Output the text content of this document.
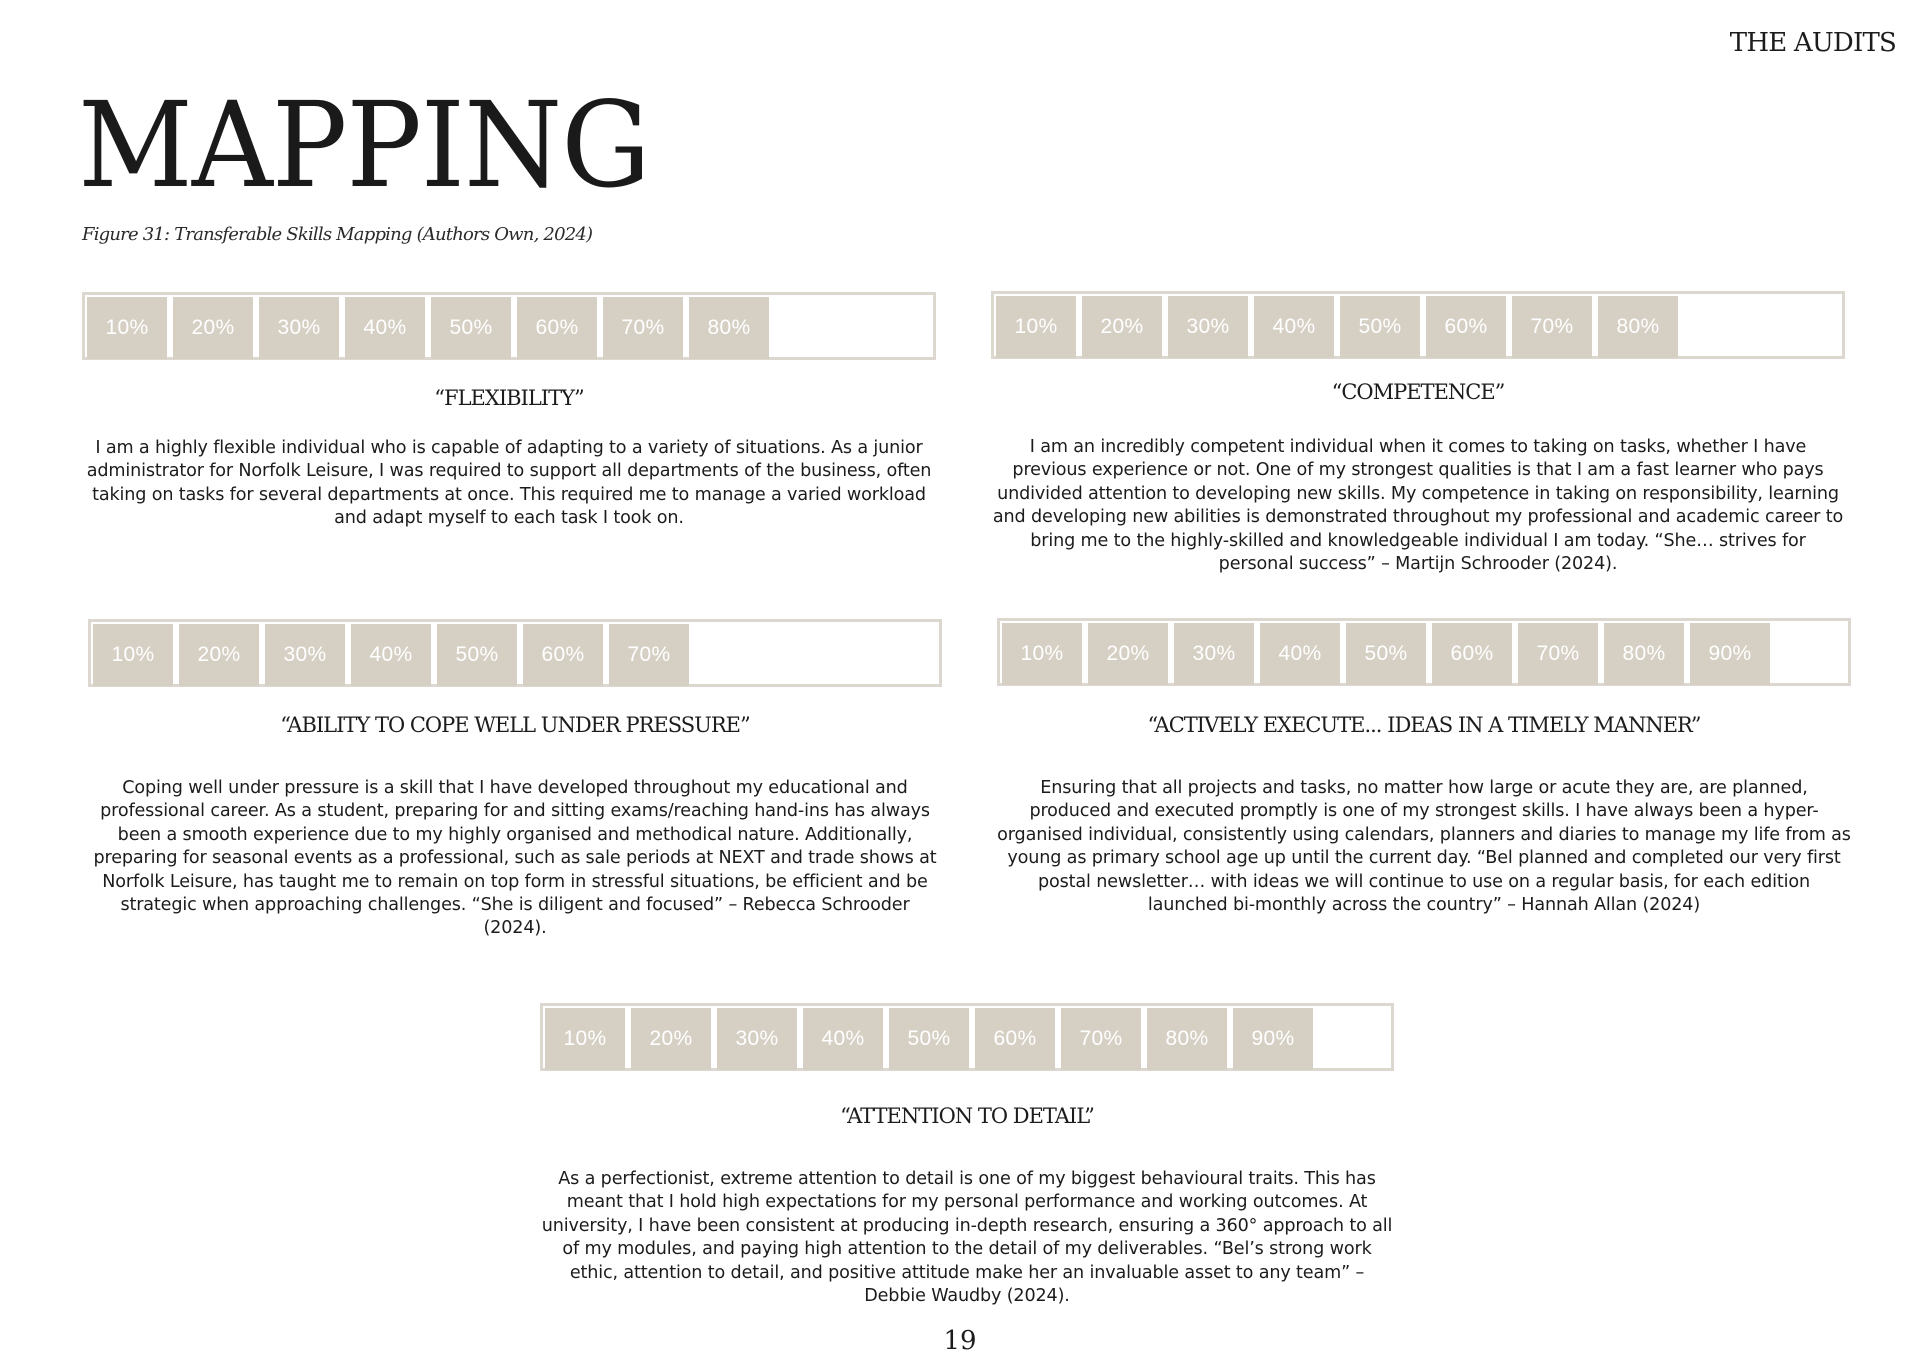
THE AUDITS
MAPPING
Figure 31: Transferable Skills Mapping (Authors Own, 2024)
10%	20%	30%	40%	50%	60%	70%	80%
“FLEXIBILITY”

I am a highly flexible individual who is capable of adapting to a variety of situations. As a junior administrator for Norfolk Leisure, I was required to support all departments of the business, often taking on tasks for several departments at once. This required me to manage a varied workload and adapt myself to each task I took on.

10%	20%	30%	40%	50%	60%	70%	80%
“COMPETENCE”

I am an incredibly competent individual when it comes to taking on tasks, whether I have previous experience or not. One of my strongest qualities is that I am a fast learner who pays undivided attention to developing new skills. My competence in taking on responsibility, learning and developing new abilities is demonstrated throughout my professional and academic career to bring me to the highly-skilled and knowledgeable individual I am today. “She… strives for personal success” – Martijn Schrooder (2024).

10%	20%	30%	40%	50%	60%	70%
“ABILITY TO COPE WELL UNDER PRESSURE”

Coping well under pressure is a skill that I have developed throughout my educational and professional career. As a student, preparing for and sitting exams/reaching hand-ins has always been a smooth experience due to my highly organised and methodical nature. Additionally, preparing for seasonal events as a professional, such as sale periods at NEXT and trade shows at Norfolk Leisure, has taught me to remain on top form in stressful situations, be efficient and be strategic when approaching challenges. “She is diligent and focused” – Rebecca Schrooder (2024).

10%	20%	30%	40%	50%	60%	70%	80%	90%
“ACTIVELY EXECUTE... IDEAS IN A TIMELY MANNER”

Ensuring that all projects and tasks, no matter how large or acute they are, are planned, produced and executed promptly is one of my strongest skills. I have always been a hyper-organised individual, consistently using calendars, planners and diaries to manage my life from as young as primary school age up until the current day. “Bel planned and completed our very first postal newsletter… with ideas we will continue to use on a regular basis, for each edition launched bi-monthly across the country” – Hannah Allan (2024)

10%	20%	30%	40%	50%	60%	70%	80%	90%
“ATTENTION TO DETAIL”

As a perfectionist, extreme attention to detail is one of my biggest behavioural traits. This has meant that I hold high expectations for my personal performance and working outcomes. At university, I have been consistent at producing in-depth research, ensuring a 360° approach to all of my modules, and paying high attention to the detail of my deliverables. “Bel’s strong work ethic, attention to detail, and positive attitude make her an invaluable asset to any team” – Debbie Waudby (2024).

19
